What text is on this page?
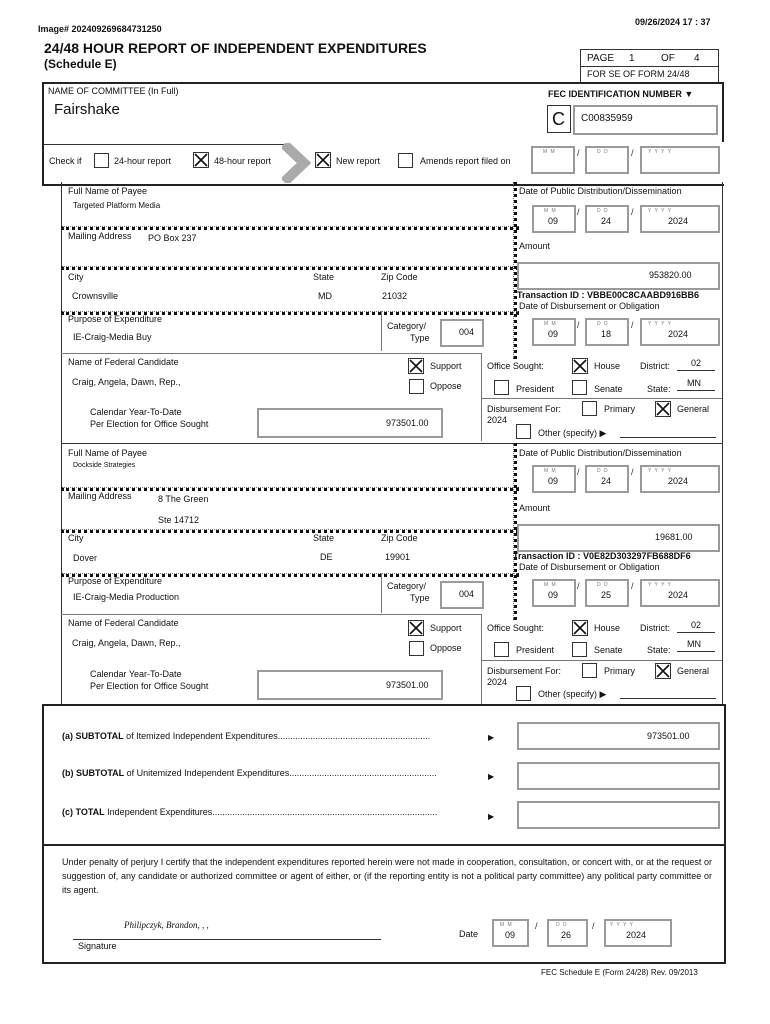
Image# 202409269684731250
09/26/2024 17 : 37
24/48 HOUR REPORT OF INDEPENDENT EXPENDITURES
(Schedule E)	PAGE 1	OF 4
FOR SE OF FORM 24/48
NAME OF COMMITTEE (In Full)
Fairshake
FEC IDENTIFICATION NUMBER ▼
C C00835959
Check if	24-hour report	48-hour report	New report	Amends report filed on
M M /	D D /	Y Y Y Y
Full Name of Payee
Targeted Platform Media
Mailing Address PO Box 237
City	State	Zip Code
Crownsville	MD	21032
Purpose of Expenditure
IE-Craig-Media Buy
Category/
Type
004
Name of Federal Candidate
Craig, Angela, Dawn, Rep.,
Support
Oppose
Office Sought:	House District: 02
President	Senate	State:
MN
Calendar Year-To-Date
Per Election for Office Sought	973501.00
Disbursement For:
2024
Primary	General
Other (specify) ▶
Date of Public Distribution/Dissemination
M M
09
/	D D
24
/	Y Y Y Y
2024
Amount
953820.00
Transaction ID : VBBE00C8CAABD916BB6
Date of Disbursement or Obligation
M M
09
/	D D
18
/	Y Y Y Y
2024
Full Name of Payee
Dockside Strategies
Mailing Address	8 The Green
Ste 14712
City	State	Zip Code
Dover	DE	19901
Purpose of Expenditure
IE-Craig-Media Production
Category/
Type	004
Name of Federal Candidate
Craig, Angela, Dawn, Rep.,
Support
Oppose
Office Sought:	House District: 02
President	Senate	State:
MN
Calendar Year-To-Date
Per Election for Office Sought	973501.00
Disbursement For:
2024
Primary	General
Other (specify) ▶
Date of Public Distribution/Dissemination
M M
09
/	D D
24
/	Y Y Y Y
2024
Amount
19681.00
Transaction ID : V0E82D303297FB688DF6
Date of Disbursement or Obligation
M M
09
/	D D
25
/	Y Y Y Y
2024
(a) SUBTOTAL of Itemized Independent Expenditures.............................................................	▶	973501.00
(b) SUBTOTAL of Unitemized Independent Expenditures...........................................................	▶
(c) TOTAL Independent Expenditures..........................................................................................	▶
Under penalty of perjury I certify that the independent expenditures reported herein were not made in cooperation, consultation, or concert with, or at the request or suggestion of, any candidate or authorized committee or agent of either, or (if the reporting entity is not a political party committee) any political party committee or its agent.
Philipczyk, Brandon, , ,
Signature
Date
M M
09
/	D D
26
/	Y Y Y Y
2024
FEC Schedule E (Form 24/28) Rev. 09/2013
